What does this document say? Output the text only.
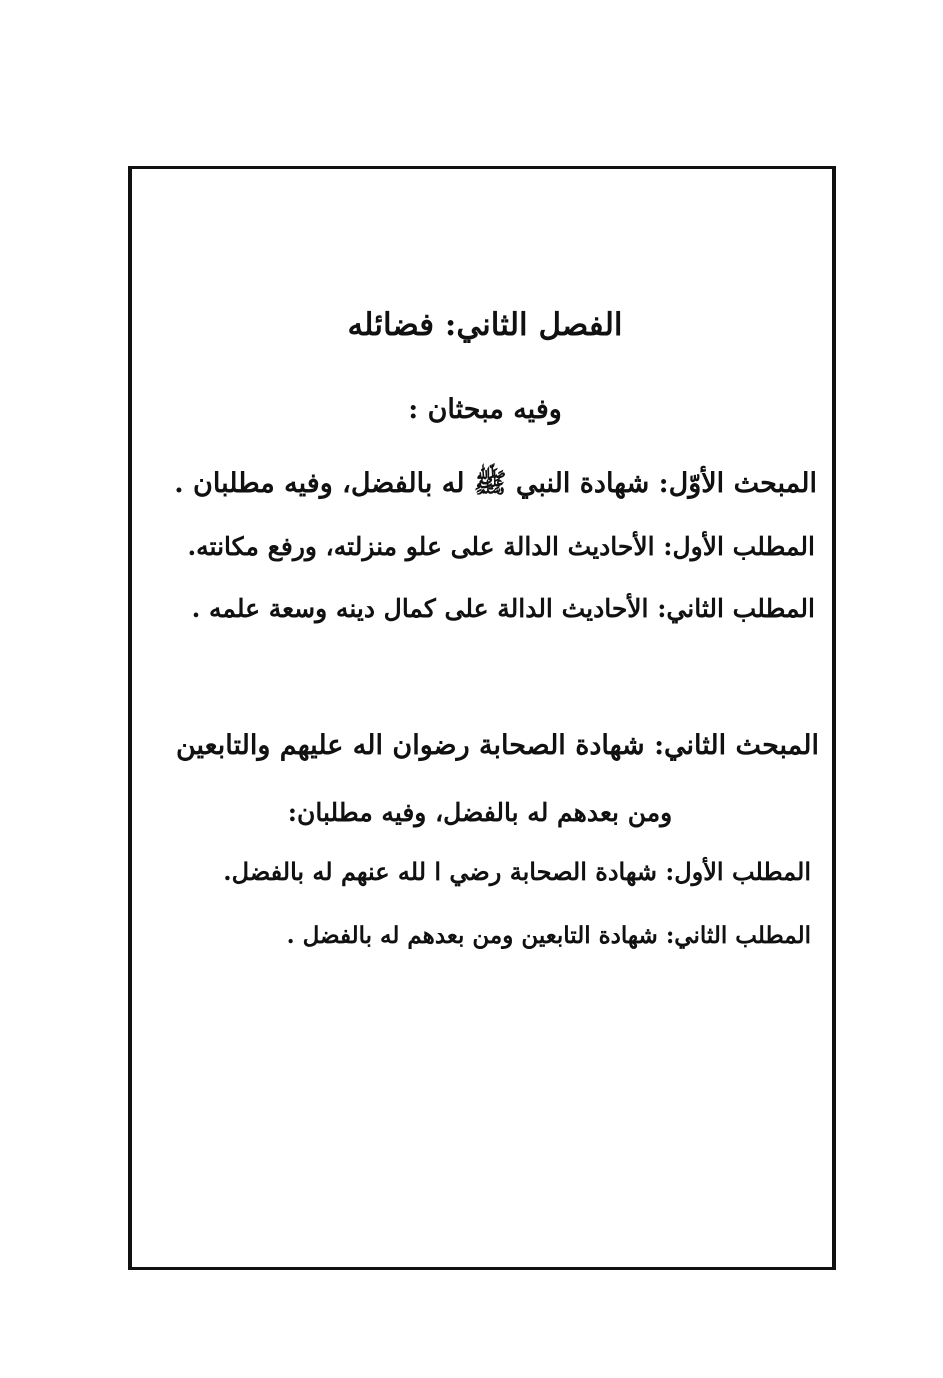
الفصل الثاني: فضائله
وفيه مبحثان :
المبحث الأوّل: شهادة النبي ﷺ له بالفضل، وفيه مطلبان .
المطلب الأول: الأحاديث الدالة على علو منزلته، ورفع مكانته.
المطلب الثاني: الأحاديث الدالة على كمال دينه وسعة علمه .
المبحث الثاني: شهادة الصحابة رضوان اله عليهم والتابعين
ومن بعدهم له بالفضل، وفيه مطلبان:
المطلب الأول: شهادة الصحابة رضي ا لله عنهم له بالفضل.
المطلب الثاني: شهادة التابعين ومن بعدهم له بالفضل .
